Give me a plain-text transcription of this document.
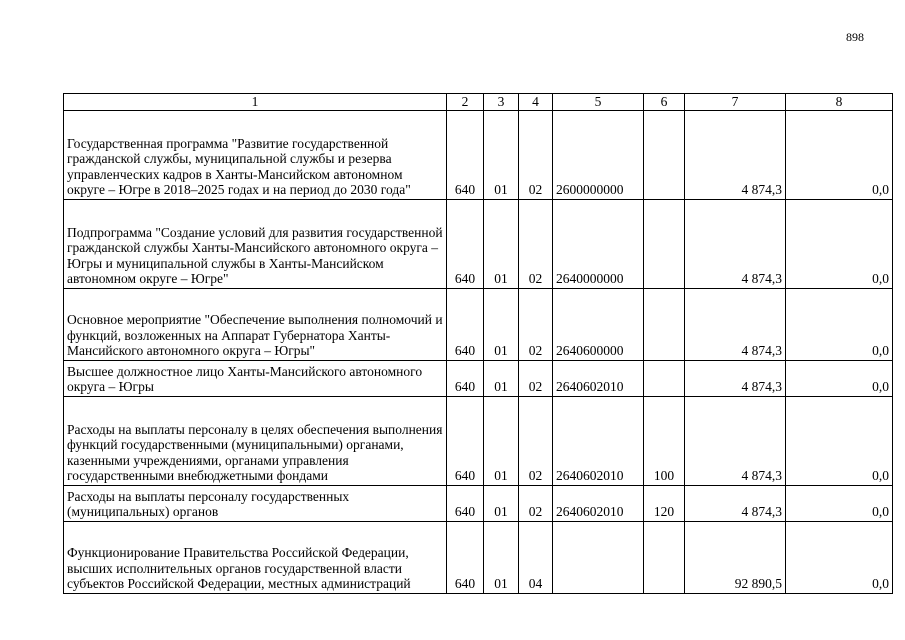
898
1	2	3	4	5	6	7	8
Государственная программа "Развитие государственной гражданской службы, муниципальной службы и резерва управленческих кадров в Ханты-Мансийском автономном округе – Югре в 2018–2025 годах и на период до 2030 года"	640	01	02	2600000000		4 874,3	0,0
Подпрограмма "Создание условий для развития государственной гражданской службы Ханты-Мансийского автономного округа – Югры и муниципальной службы в Ханты-Мансийском автономном округе – Югре"	640	01	02	2640000000		4 874,3	0,0
Основное мероприятие "Обеспечение выполнения полномочий и функций, возложенных на Аппарат Губернатора Ханты-Мансийского автономного округа – Югры"	640	01	02	2640600000		4 874,3	0,0
Высшее должностное лицо Ханты-Мансийского автономного округа – Югры	640	01	02	2640602010		4 874,3	0,0
Расходы на выплаты персоналу в целях обеспечения выполнения функций государственными (муниципальными) органами, казенными учреждениями, органами управления государственными внебюджетными фондами	640	01	02	2640602010	100	4 874,3	0,0
Расходы на выплаты персоналу государственных (муниципальных) органов	640	01	02	2640602010	120	4 874,3	0,0
Функционирование Правительства Российской Федерации, высших исполнительных органов государственной власти субъектов Российской Федерации, местных администраций	640	01	04			92 890,5	0,0
